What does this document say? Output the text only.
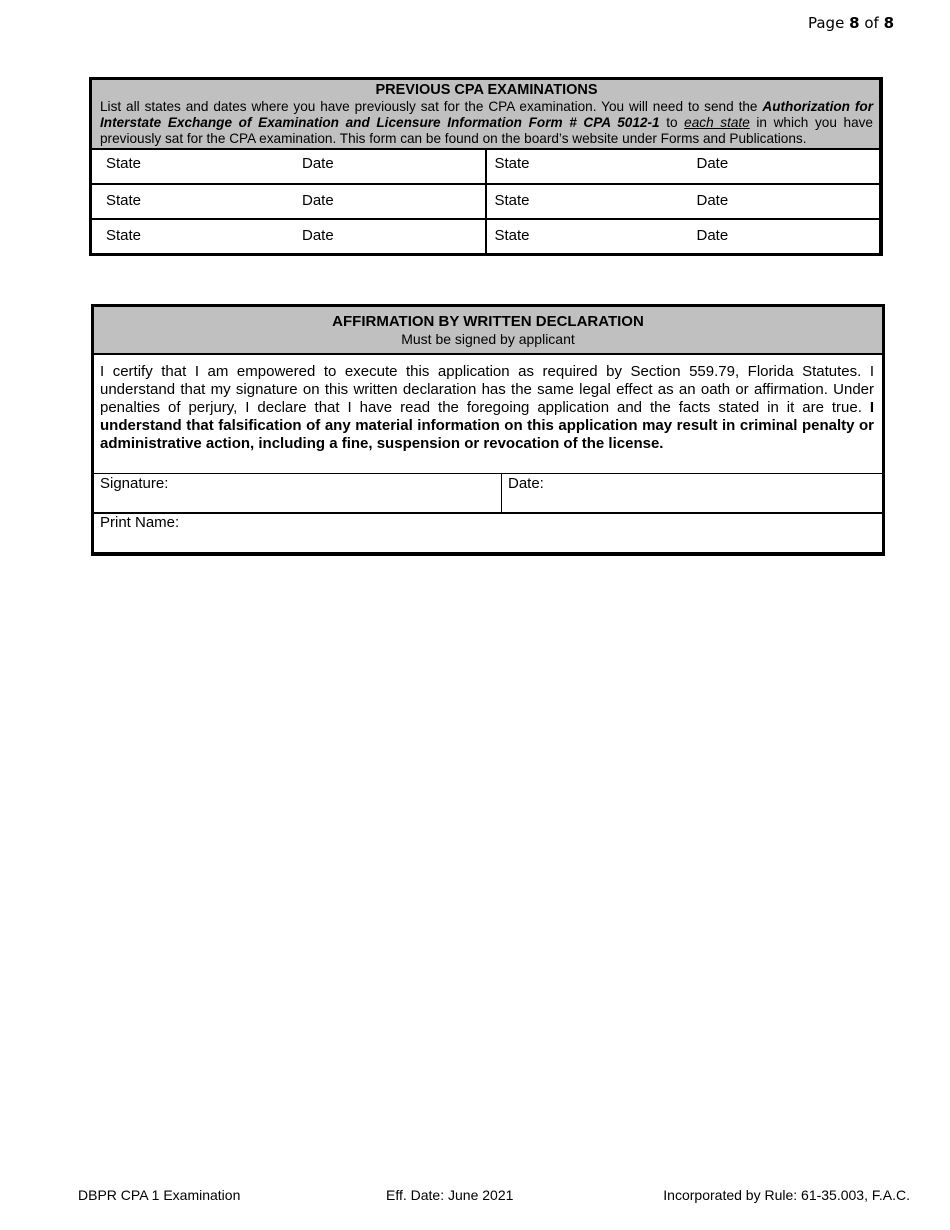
Page 8 of 8
PREVIOUS CPA EXAMINATIONS
List all states and dates where you have previously sat for the CPA examination. You will need to send the Authorization for Interstate Exchange of Examination and Licensure Information Form # CPA 5012-1 to each state in which you have previously sat for the CPA examination. This form can be found on the board’s website under Forms and Publications.
State	Date
State	Date
State	Date
State	Date
State	Date
State	Date
AFFIRMATION BY WRITTEN DECLARATION
Must be signed by applicant
I certify that I am empowered to execute this application as required by Section 559.79, Florida Statutes. I understand that my signature on this written declaration has the same legal effect as an oath or affirmation. Under penalties of perjury, I declare that I have read the foregoing application and the facts stated in it are true. I understand that falsification of any material information on this application may result in criminal penalty or administrative action, including a fine, suspension or revocation of the license.
Signature:	Date:
Print Name:
DBPR CPA 1 Examination	Eff. Date: June 2021	Incorporated by Rule: 61-35.003, F.A.C.
